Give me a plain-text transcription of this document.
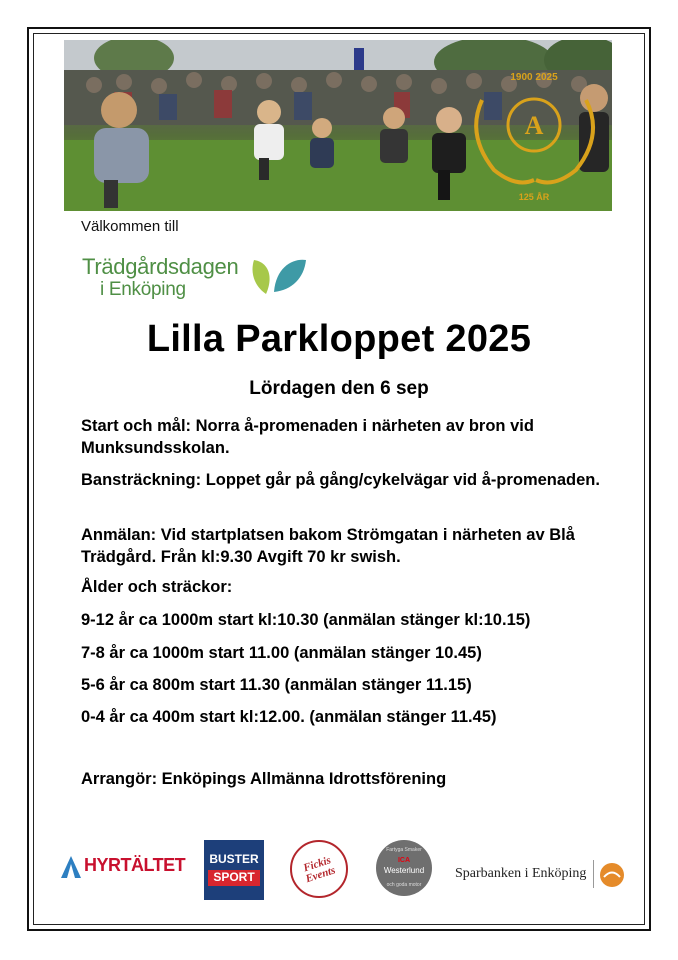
A
1900 2025
125 ÅR
Välkommen till
Trädgårdsdagen
i Enköping
Lilla Parkloppet 2025
Lördagen den 6 sep
Start och mål: Norra å-promenaden i närheten av bron vid Munksundsskolan.
Bansträckning: Loppet går på gång/cykelvägar vid å-promenaden.
Anmälan: Vid startplatsen bakom Strömgatan i närheten av Blå Trädgård. Från kl:9.30 Avgift 70 kr swish.
Ålder och sträckor:
9-12 år ca 1000m start kl:10.30 (anmälan stänger kl:10.15)
7-8 år ca 1000m start 11.00 (anmälan stänger 10.45)
5-6 år ca 800m start 11.30 (anmälan stänger 11.15)
0-4 år ca 400m start kl:12.00. (anmälan stänger 11.45)
Arrangör: Enköpings Allmänna Idrottsförening
HYRTÄLTET	BUSTER
SPORT
Fickis Events
Fartyga Smaker
ICA
Westerlund
och goda motor
Sparbanken i Enköping
